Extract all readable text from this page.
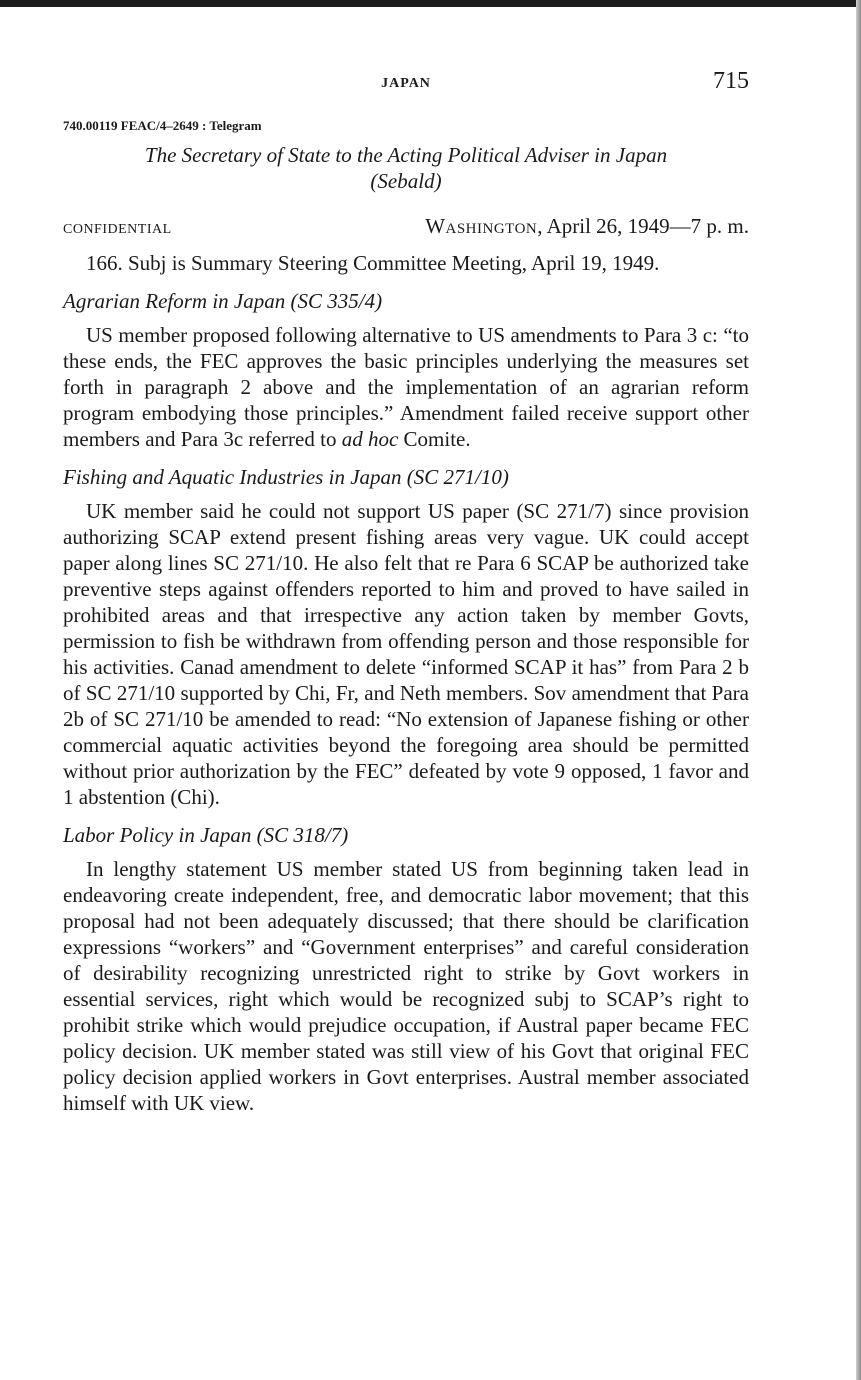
JAPAN	715
740.00119 FEAC/4–2649 : Telegram
The Secretary of State to the Acting Political Adviser in Japan
(Sebald)
CONFIDENTIAL	Washington, April 26, 1949—7 p. m.

166. Subj is Summary Steering Committee Meeting, April 19, 1949.

Agrarian Reform in Japan (SC 335/4)

US member proposed following alternative to US amendments to Para 3 c: “to these ends, the FEC approves the basic principles underlying the measures set forth in paragraph 2 above and the implementation of an agrarian reform program embodying those principles.” Amendment failed receive support other members and Para 3c referred to ad hoc Comite.

Fishing and Aquatic Industries in Japan (SC 271/10)

UK member said he could not support US paper (SC 271/7) since provision authorizing SCAP extend present fishing areas very vague. UK could accept paper along lines SC 271/10. He also felt that re Para 6 SCAP be authorized take preventive steps against offenders reported to him and proved to have sailed in prohibited areas and that irrespective any action taken by member Govts, permission to fish be withdrawn from offending person and those responsible for his activities. Canad amendment to delete “informed SCAP it has” from Para 2 b of SC 271/10 supported by Chi, Fr, and Neth members. Sov amendment that Para 2b of SC 271/10 be amended to read: “No extension of Japanese fishing or other commercial aquatic activities beyond the foregoing area should be permitted without prior authorization by the FEC” defeated by vote 9 opposed, 1 favor and 1 abstention (Chi).

Labor Policy in Japan (SC 318/7)

In lengthy statement US member stated US from beginning taken lead in endeavoring create independent, free, and democratic labor movement; that this proposal had not been adequately discussed; that there should be clarification expressions “workers” and “Government enterprises” and careful consideration of desirability recognizing unrestricted right to strike by Govt workers in essential services, right which would be recognized subj to SCAP’s right to prohibit strike which would prejudice occupation, if Austral paper became FEC policy decision. UK member stated was still view of his Govt that original FEC policy decision applied workers in Govt enterprises. Austral member associated himself with UK view.
